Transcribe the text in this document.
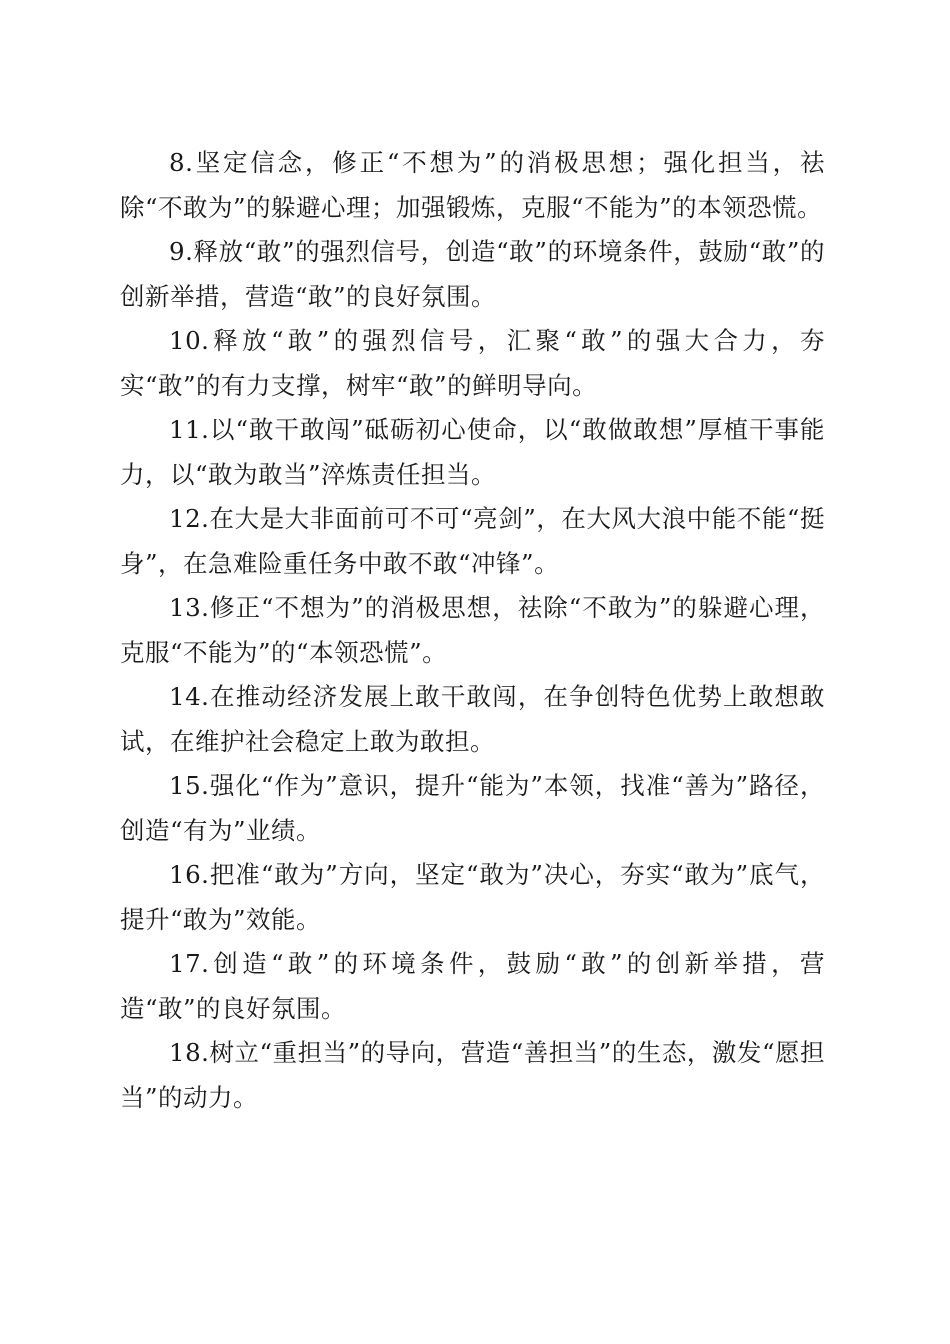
8.坚定信念，修正“不想为”的消极思想；强化担当，祛除“不敢为”的躲避心理；加强锻炼，克服“不能为”的本领恐慌。

9.释放“敢”的强烈信号，创造“敢”的环境条件，鼓励“敢”的创新举措，营造“敢”的良好氛围。

10.释放“敢”的强烈信号，汇聚“敢”的强大合力，夯实“敢”的有力支撑，树牢“敢”的鲜明导向。

11.以“敢干敢闯”砥砺初心使命，以“敢做敢想”厚植干事能力，以“敢为敢当”淬炼责任担当。

12.在大是大非面前可不可“亮剑”，在大风大浪中能不能“挺身”，在急难险重任务中敢不敢“冲锋”。

13.修正“不想为”的消极思想，祛除“不敢为”的躲避心理，克服“不能为”的“本领恐慌”。

14.在推动经济发展上敢干敢闯，在争创特色优势上敢想敢试，在维护社会稳定上敢为敢担。

15.强化“作为”意识，提升“能为”本领，找准“善为”路径，创造“有为”业绩。

16.把准“敢为”方向，坚定“敢为”决心，夯实“敢为”底气，提升“敢为”效能。

17.创造“敢”的环境条件，鼓励“敢”的创新举措，营造“敢”的良好氛围。

18.树立“重担当”的导向，营造“善担当”的生态，激发“愿担当”的动力。
